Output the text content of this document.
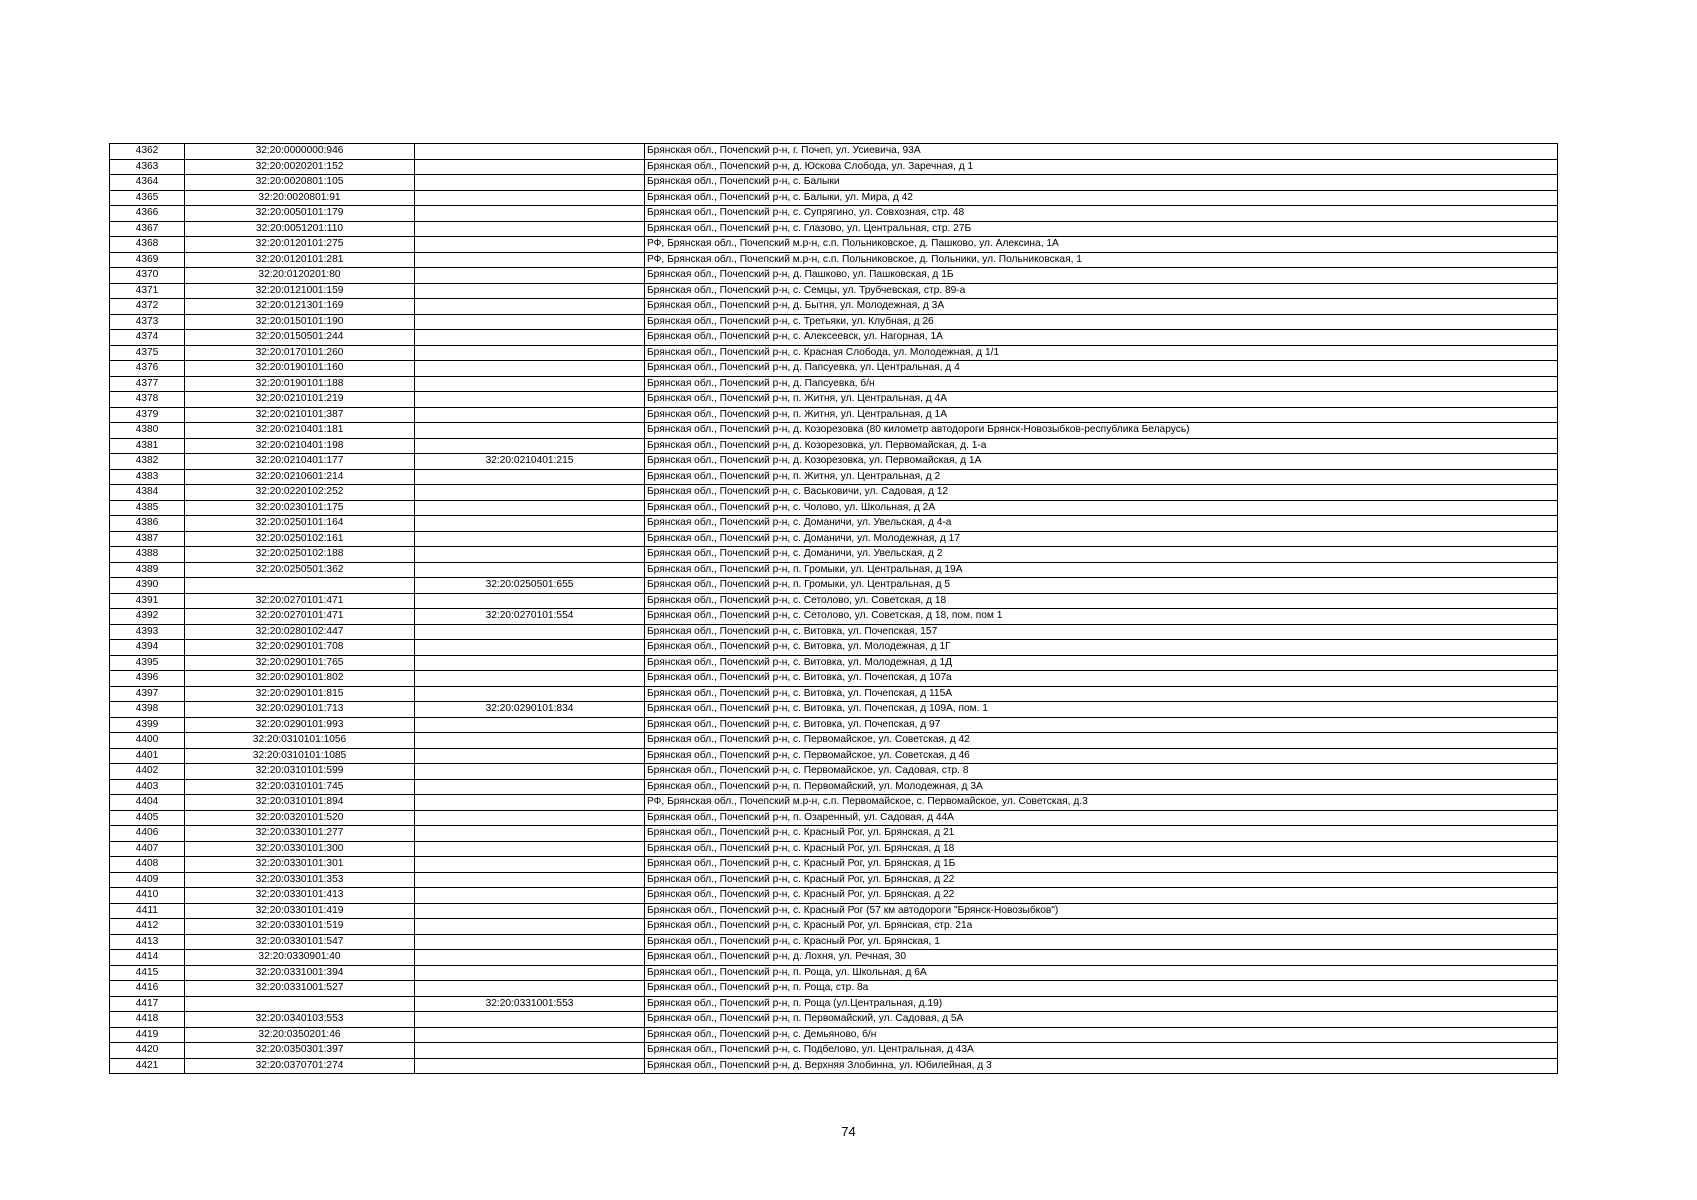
4362	32:20:0000000:946		Брянская обл., Почепский р-н, г. Почеп, ул. Усиевича, 93А
4363	32:20:0020201:152		Брянская обл., Почепский р-н, д. Юскова Слобода, ул. Заречная, д 1
4364	32:20:0020801:105		Брянская обл., Почепский р-н, с. Балыки
4365	32:20:0020801:91		Брянская обл., Почепский р-н, с. Балыки, ул. Мира, д 42
4366	32:20:0050101:179		Брянская обл., Почепский р-н, с. Супрягино, ул. Совхозная, стр. 48
4367	32:20:0051201:110		Брянская обл., Почепский р-н, с. Глазово, ул. Центральная, стр. 27Б
4368	32:20:0120101:275		РФ, Брянская обл., Почепский м.р-н, с.п. Польниковское, д. Пашково, ул. Алексина, 1А
4369	32:20:0120101:281		РФ, Брянская обл., Почепский м.р-н, с.п. Польниковское, д. Польники, ул. Польниковская, 1
4370	32:20:0120201:80		Брянская обл., Почепский р-н, д. Пашково, ул. Пашковская, д 1Б
4371	32:20:0121001:159		Брянская обл., Почепский р-н, с. Семцы, ул. Трубчевская, стр. 89-а
4372	32:20:0121301:169		Брянская обл., Почепский р-н, д. Бытня, ул. Молодежная, д 3А
4373	32:20:0150101:190		Брянская обл., Почепский р-н, с. Третьяки, ул. Клубная, д 26
4374	32:20:0150501:244		Брянская обл., Почепский р-н, с. Алексеевск, ул. Нагорная, 1А
4375	32:20:0170101:260		Брянская обл., Почепский р-н, с. Красная Слобода, ул. Молодежная, д 1/1
4376	32:20:0190101:160		Брянская обл., Почепский р-н, д. Папсуевка, ул. Центральная, д 4
4377	32:20:0190101:188		Брянская обл., Почепский р-н, д. Папсуевка, б/н
4378	32:20:0210101:219		Брянская обл., Почепский р-н, п. Житня, ул. Центральная, д 4А
4379	32:20:0210101:387		Брянская обл., Почепский р-н, п. Житня, ул. Центральная, д 1А
4380	32:20:0210401:181		Брянская обл., Почепский р-н, д. Козорезовка (80 километр автодороги Брянск-Новозыбков-республика Беларусь)
4381	32:20:0210401:198		Брянская обл., Почепский р-н, д. Козорезовка, ул. Первомайская, д. 1-а
4382	32:20:0210401:177	32:20:0210401:215	Брянская обл., Почепский р-н, д. Козорезовка, ул. Первомайская, д 1А
4383	32:20:0210601:214		Брянская обл., Почепский р-н, п. Житня, ул. Центральная, д 2
4384	32:20:0220102:252		Брянская обл., Почепский р-н, с. Васьковичи, ул. Садовая, д 12
4385	32:20:0230101:175		Брянская обл., Почепский р-н, с. Чолово, ул. Школьная, д 2А
4386	32:20:0250101:164		Брянская обл., Почепский р-н, с. Доманичи, ул. Увельская, д 4-а
4387	32:20:0250102:161		Брянская обл., Почепский р-н, с. Доманичи, ул. Молодежная, д 17
4388	32:20:0250102:188		Брянская обл., Почепский р-н, с. Доманичи, ул. Увельская, д 2
4389	32:20:0250501:362		Брянская обл., Почепский р-н, п. Громыки, ул. Центральная, д 19А
4390		32:20:0250501:655	Брянская обл., Почепский р-н, п. Громыки, ул. Центральная, д 5
4391	32:20:0270101:471		Брянская обл., Почепский р-н, с. Сетолово, ул. Советская, д 18
4392	32:20:0270101:471	32:20:0270101:554	Брянская обл., Почепский р-н, с. Сетолово, ул. Советская, д 18, пом. пом 1
4393	32:20:0280102:447		Брянская обл., Почепский р-н, с. Витовка, ул. Почепская, 157
4394	32:20:0290101:708		Брянская обл., Почепский р-н, с. Витовка, ул. Молодежная, д 1Г
4395	32:20:0290101:765		Брянская обл., Почепский р-н, с. Витовка, ул. Молодежная, д 1Д
4396	32:20:0290101:802		Брянская обл., Почепский р-н, с. Витовка, ул. Почепская, д 107а
4397	32:20:0290101:815		Брянская обл., Почепский р-н, с. Витовка, ул. Почепская, д 115А
4398	32:20:0290101:713	32:20:0290101:834	Брянская обл., Почепский р-н, с. Витовка, ул. Почепская, д 109А, пом. 1
4399	32:20:0290101:993		Брянская обл., Почепский р-н, с. Витовка, ул. Почепская, д 97
4400	32:20:0310101:1056		Брянская обл., Почепский р-н, с. Первомайское, ул. Советская, д 42
4401	32:20:0310101:1085		Брянская обл., Почепский р-н, с. Первомайское, ул. Советская, д 46
4402	32:20:0310101:599		Брянская обл., Почепский р-н, с. Первомайское, ул. Садовая, стр. 8
4403	32:20:0310101:745		Брянская обл., Почепский р-н, п. Первомайский, ул. Молодежная, д 3А
4404	32:20:0310101:894		РФ, Брянская обл., Почепский м.р-н, с.п. Первомайское, с. Первомайское, ул. Советская, д.3
4405	32:20:0320101:520		Брянская обл., Почепский р-н, п. Озаренный, ул. Садовая, д 44А
4406	32:20:0330101:277		Брянская обл., Почепский р-н, с. Красный Рог, ул. Брянская, д 21
4407	32:20:0330101:300		Брянская обл., Почепский р-н, с. Красный Рог, ул. Брянская, д 18
4408	32:20:0330101:301		Брянская обл., Почепский р-н, с. Красный Рог, ул. Брянская, д 1Б
4409	32:20:0330101:353		Брянская обл., Почепский р-н, с. Красный Рог, ул. Брянская, д 22
4410	32:20:0330101:413		Брянская обл., Почепский р-н, с. Красный Рог, ул. Брянская, д 22
4411	32:20:0330101:419		Брянская обл., Почепский р-н, с. Красный Рог (57 км автодороги "Брянск-Новозыбков")
4412	32:20:0330101:519		Брянская обл., Почепский р-н, с. Красный Рог, ул. Брянская, стр. 21а
4413	32:20:0330101:547		Брянская обл., Почепский р-н, с. Красный Рог, ул. Брянская, 1
4414	32:20:0330901:40		Брянская обл., Почепский р-н, д. Лохня, ул. Речная, 30
4415	32:20:0331001:394		Брянская обл., Почепский р-н, п. Роща, ул. Школьная, д 6А
4416	32:20:0331001:527		Брянская обл., Почепский р-н, п. Роща, стр. 8а
4417		32:20:0331001:553	Брянская обл., Почепский р-н, п. Роща (ул.Центральная, д.19)
4418	32:20:0340103:553		Брянская обл., Почепский р-н, п. Первомайский, ул. Садовая, д 5А
4419	32:20:0350201:46		Брянская обл., Почепский р-н, с. Демьяново, б/н
4420	32:20:0350301:397		Брянская обл., Почепский р-н, с. Подбелово, ул. Центральная, д 43А
4421	32:20:0370701:274		Брянская обл., Почепский р-н, д. Верхняя Злобинна, ул. Юбилейная, д 3
74
